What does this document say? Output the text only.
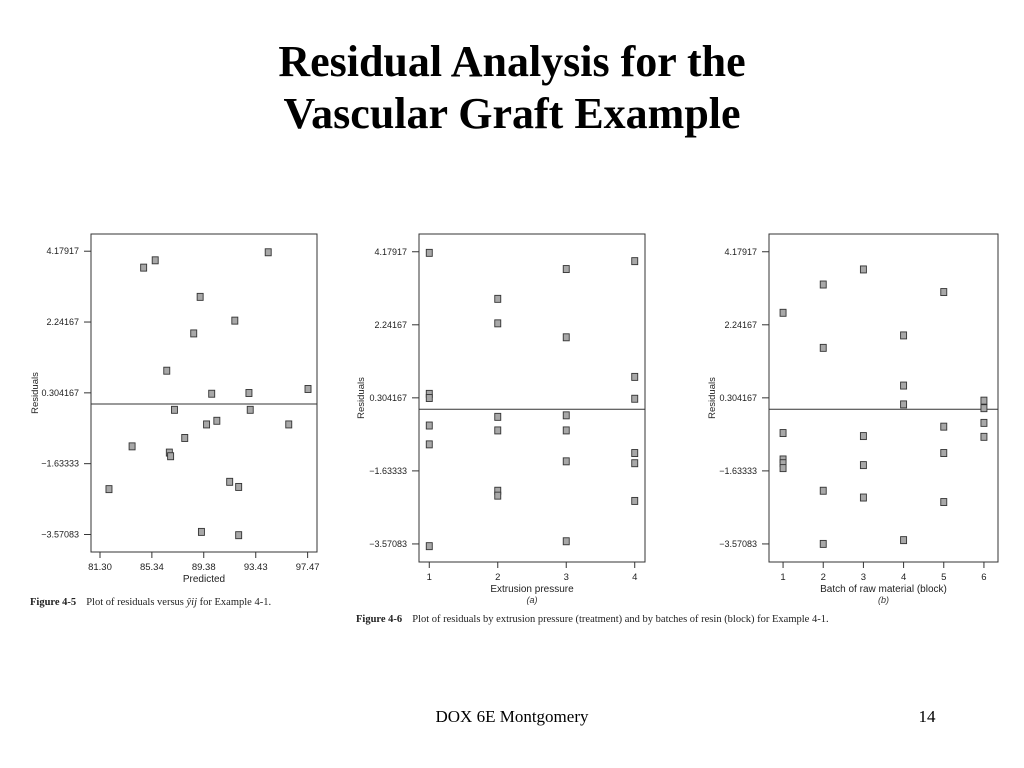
Residual Analysis for the
Vascular Graft Example
4.17917
2.24167
0.304167
−1.63333
−3.57083
81.30	85.34	89.38	93.43	97.47
Predicted
Residuals
4.17917
2.24167
0.304167
−1.63333
−3.57083
1	2	3	4
Extrusion pressure
Residuals
(a)
4.17917
2.24167
0.304167
−1.63333
−3.57083
1	2	3	4	5	6
Batch of raw material (block)
Residuals
(b)
Figure 4-5 Plot of residuals versus ŷij for Example 4-1.
Figure 4-6 Plot of residuals by extrusion pressure (treatment) and by batches of resin (block) for Example 4-1.
DOX 6E Montgomery	14
